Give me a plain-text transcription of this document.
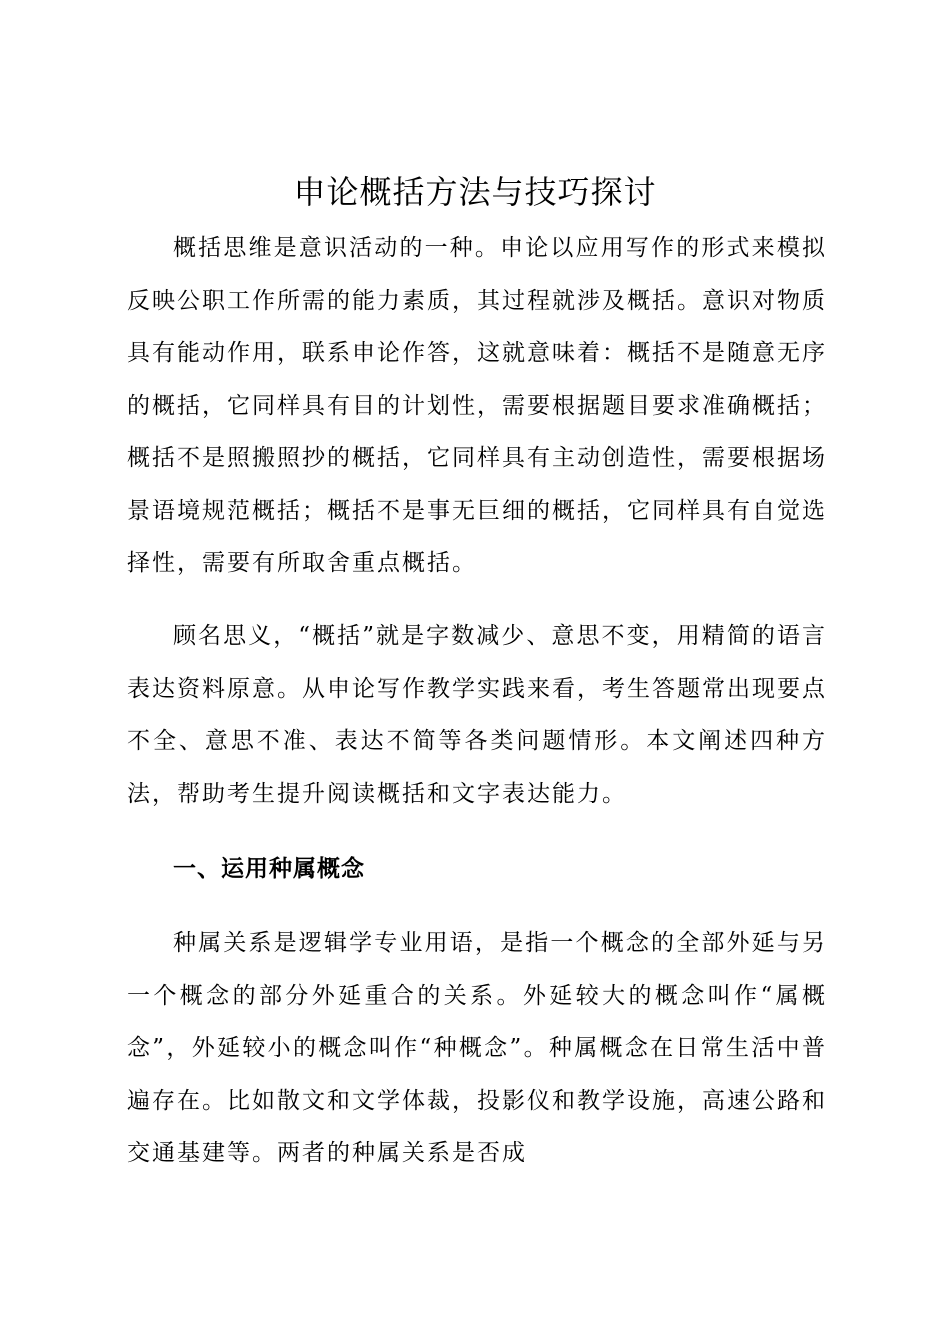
申论概括方法与技巧探讨

概括思维是意识活动的一种。申论以应用写作的形式来模拟反映公职工作所需的能力素质，其过程就涉及概括。意识对物质具有能动作用，联系申论作答，这就意味着：概括不是随意无序的概括，它同样具有目的计划性，需要根据题目要求准确概括；概括不是照搬照抄的概括，它同样具有主动创造性，需要根据场景语境规范概括；概括不是事无巨细的概括，它同样具有自觉选择性，需要有所取舍重点概括。

顾名思义，“概括”就是字数减少、意思不变，用精简的语言表达资料原意。从申论写作教学实践来看，考生答题常出现要点不全、意思不准、表达不简等各类问题情形。本文阐述四种方法，帮助考生提升阅读概括和文字表达能力。

一、运用种属概念

种属关系是逻辑学专业用语，是指一个概念的全部外延与另一个概念的部分外延重合的关系。外延较大的概念叫作“属概念”，外延较小的概念叫作“种概念”。种属概念在日常生活中普遍存在。比如散文和文学体裁，投影仪和教学设施，高速公路和交通基建等。两者的种属关系是否成
